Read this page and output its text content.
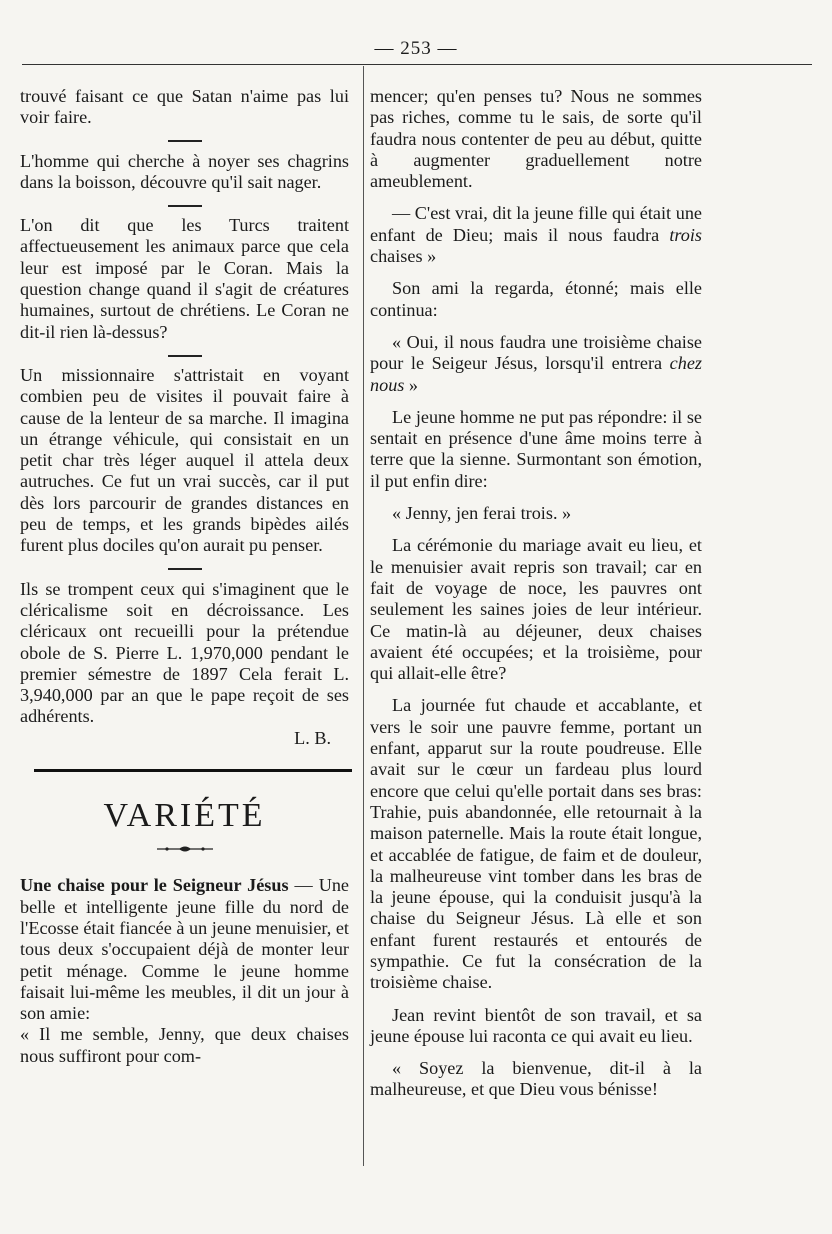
— 253 —

trouvé faisant ce que Satan n'aime pas lui voir faire.

L'homme qui cherche à noyer ses chagrins dans la boisson, découvre qu'il sait nager.

L'on dit que les Turcs traitent affectueusement les animaux parce que cela leur est imposé par le Coran. Mais la question change quand il s'agit de créatures humaines, surtout de chrétiens. Le Coran ne dit-il rien là-dessus?

Un missionnaire s'attristait en voyant combien peu de visites il pouvait faire à cause de la lenteur de sa marche. Il imagina un étrange véhicule, qui consistait en un petit char très léger auquel il attela deux autruches. Ce fut un vrai succès, car il put dès lors parcourir de grandes distances en peu de temps, et les grands bipèdes ailés furent plus dociles qu'on aurait pu penser.

Ils se trompent ceux qui s'imaginent que le cléricalisme soit en décroissance. Les cléricaux ont recueilli pour la prétendue obole de S. Pierre L. 1,970,000 pendant le premier sémestre de 1897 Cela ferait L. 3,940,000 par an que le pape reçoit de ses adhérents.

L. B.

VARIÉTÉ

Une chaise pour le Seigneur Jésus — Une belle et intelligente jeune fille du nord de l'Ecosse était fiancée à un jeune menuisier, et tous deux s'occupaient déjà de monter leur petit ménage. Comme le jeune homme faisait lui-même les meubles, il dit un jour à son amie:

« Il me semble, Jenny, que deux chaises nous suffiront pour com-

mencer; qu'en penses tu? Nous ne sommes pas riches, comme tu le sais, de sorte qu'il faudra nous contenter de peu au début, quitte à augmenter graduellement notre ameublement.

— C'est vrai, dit la jeune fille qui était une enfant de Dieu; mais il nous faudra trois chaises »

Son ami la regarda, étonné; mais elle continua:

« Oui, il nous faudra une troisième chaise pour le Seigeur Jésus, lorsqu'il entrera chez nous »

Le jeune homme ne put pas répondre: il se sentait en présence d'une âme moins terre à terre que la sienne. Surmontant son émotion, il put enfin dire:

« Jenny, jen ferai trois. »

La cérémonie du mariage avait eu lieu, et le menuisier avait repris son travail; car en fait de voyage de noce, les pauvres ont seulement les saines joies de leur intérieur. Ce matin-là au déjeuner, deux chaises avaient été occupées; et la troisième, pour qui allait-elle être?

La journée fut chaude et accablante, et vers le soir une pauvre femme, portant un enfant, apparut sur la route poudreuse. Elle avait sur le cœur un fardeau plus lourd encore que celui qu'elle portait dans ses bras: Trahie, puis abandonnée, elle retournait à la maison paternelle. Mais la route était longue, et accablée de fatigue, de faim et de douleur, la malheureuse vint tomber dans les bras de la jeune épouse, qui la conduisit jusqu'à la chaise du Seigneur Jésus. Là elle et son enfant furent restaurés et entourés de sympathie. Ce fut la consécration de la troisième chaise.

Jean revint bientôt de son travail, et sa jeune épouse lui raconta ce qui avait eu lieu.

« Soyez la bienvenue, dit-il à la malheureuse, et que Dieu vous bénisse!
